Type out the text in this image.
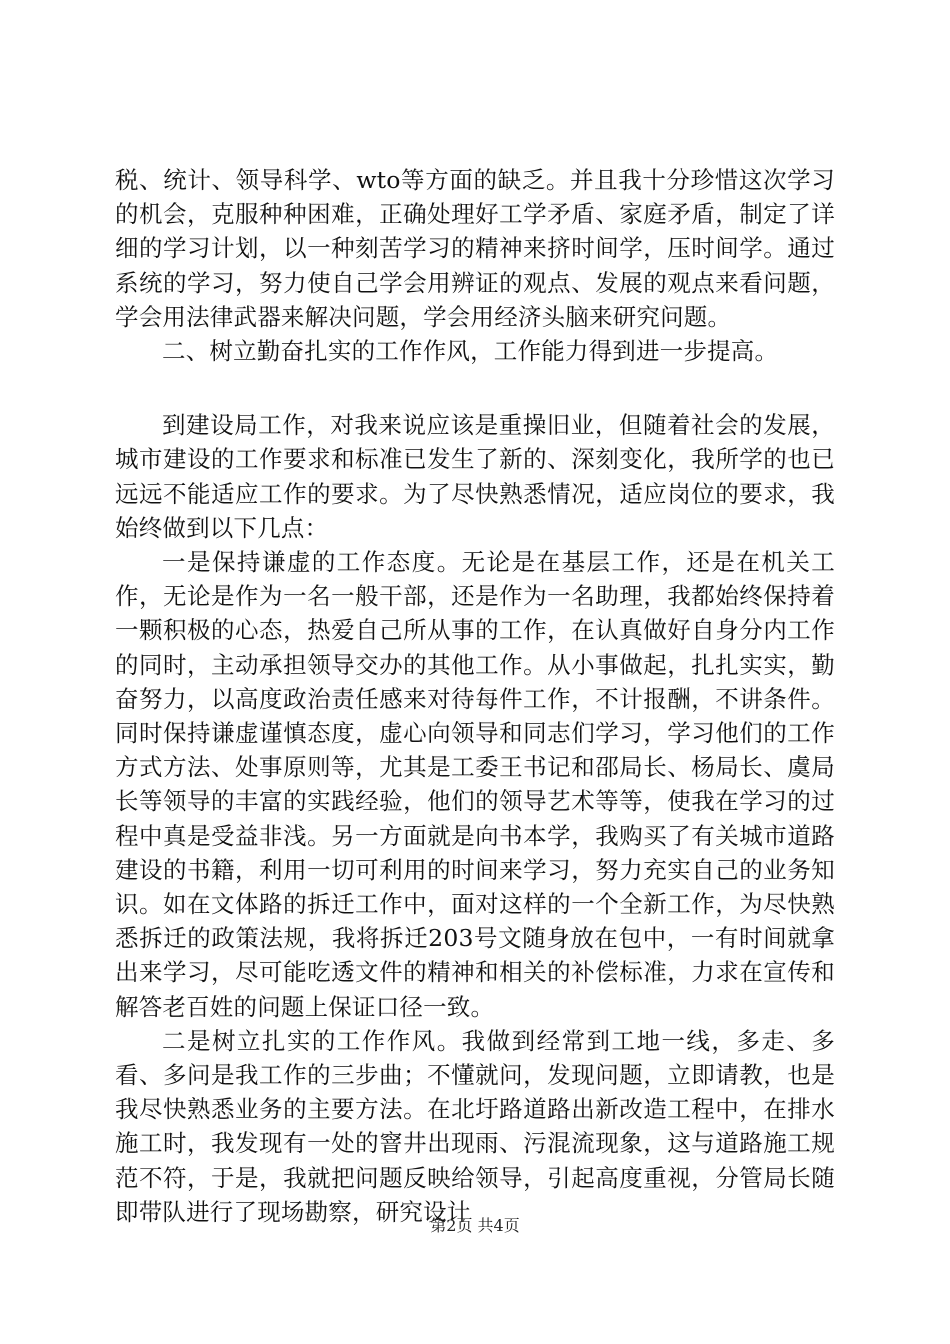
税、统计、领导科学、wto等方面的缺乏。并且我十分珍惜这次学习的机会，克服种种困难，正确处理好工学矛盾、家庭矛盾，制定了详细的学习计划，以一种刻苦学习的精神来挤时间学，压时间学。通过系统的学习，努力使自己学会用辨证的观点、发展的观点来看问题，学会用法律武器来解决问题，学会用经济头脑来研究问题。

二、树立勤奋扎实的工作作风，工作能力得到进一步提高。

到建设局工作，对我来说应该是重操旧业，但随着社会的发展，城市建设的工作要求和标准已发生了新的、深刻变化，我所学的也已远远不能适应工作的要求。为了尽快熟悉情况，适应岗位的要求，我始终做到以下几点：

一是保持谦虚的工作态度。无论是在基层工作，还是在机关工作，无论是作为一名一般干部，还是作为一名助理，我都始终保持着一颗积极的心态，热爱自己所从事的工作，在认真做好自身分内工作的同时，主动承担领导交办的其他工作。从小事做起，扎扎实实，勤奋努力，以高度政治责任感来对待每件工作，不计报酬，不讲条件。同时保持谦虚谨慎态度，虚心向领导和同志们学习，学习他们的工作方式方法、处事原则等，尤其是工委王书记和邵局长、杨局长、虞局长等领导的丰富的实践经验，他们的领导艺术等等，使我在学习的过程中真是受益非浅。另一方面就是向书本学，我购买了有关城市道路建设的书籍，利用一切可利用的时间来学习，努力充实自己的业务知识。如在文体路的拆迁工作中，面对这样的一个全新工作，为尽快熟悉拆迁的政策法规，我将拆迁203号文随身放在包中，一有时间就拿出来学习，尽可能吃透文件的精神和相关的补偿标准，力求在宣传和解答老百姓的问题上保证口径一致。

二是树立扎实的工作作风。我做到经常到工地一线，多走、多看、多问是我工作的三步曲；不懂就问，发现问题，立即请教，也是我尽快熟悉业务的主要方法。在北圩路道路出新改造工程中，在排水施工时，我发现有一处的窨井出现雨、污混流现象，这与道路施工规范不符，于是，我就把问题反映给领导，引起高度重视，分管局长随即带队进行了现场勘察，研究设计

第2页 共4页
